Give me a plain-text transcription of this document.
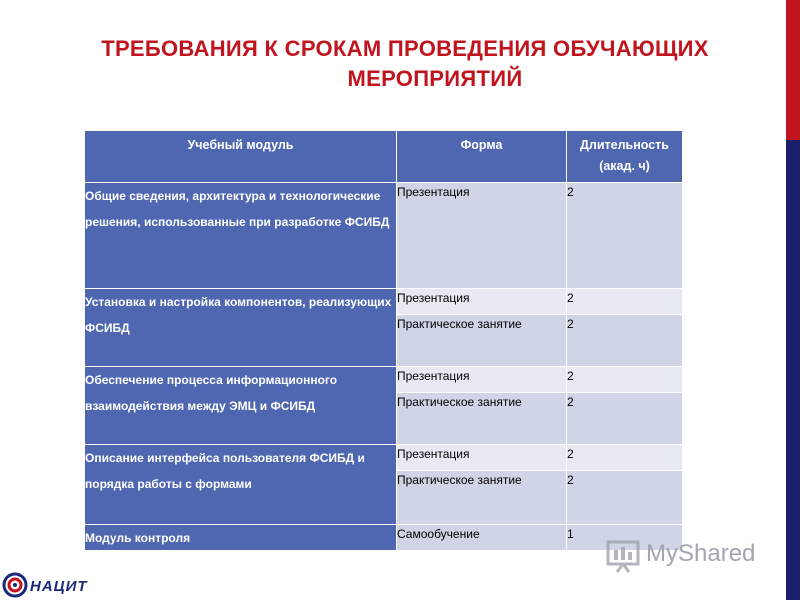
ТРЕБОВАНИЯ К СРОКАМ ПРОВЕДЕНИЯ ОБУЧАЮЩИХ
МЕРОПРИЯТИЙ
Учебный модуль	Форма	Длительность
(акад. ч)

Общие сведения, архитектура и технологические решения, использованные при разработке ФСИБД	Презентация	2
Установка и настройка компонентов, реализующих ФСИБД	Презентация	2
	Практическое занятие	2
Обеспечение процесса информационного взаимодействия между ЭМЦ и ФСИБД	Презентация	2
	Практическое занятие	2
Описание интерфейса пользователя ФСИБД и порядка работы с формами	Презентация	2
	Практическое занятие	2
Модуль контроля	Самообучение	1
НАЦИТ
MyShared
